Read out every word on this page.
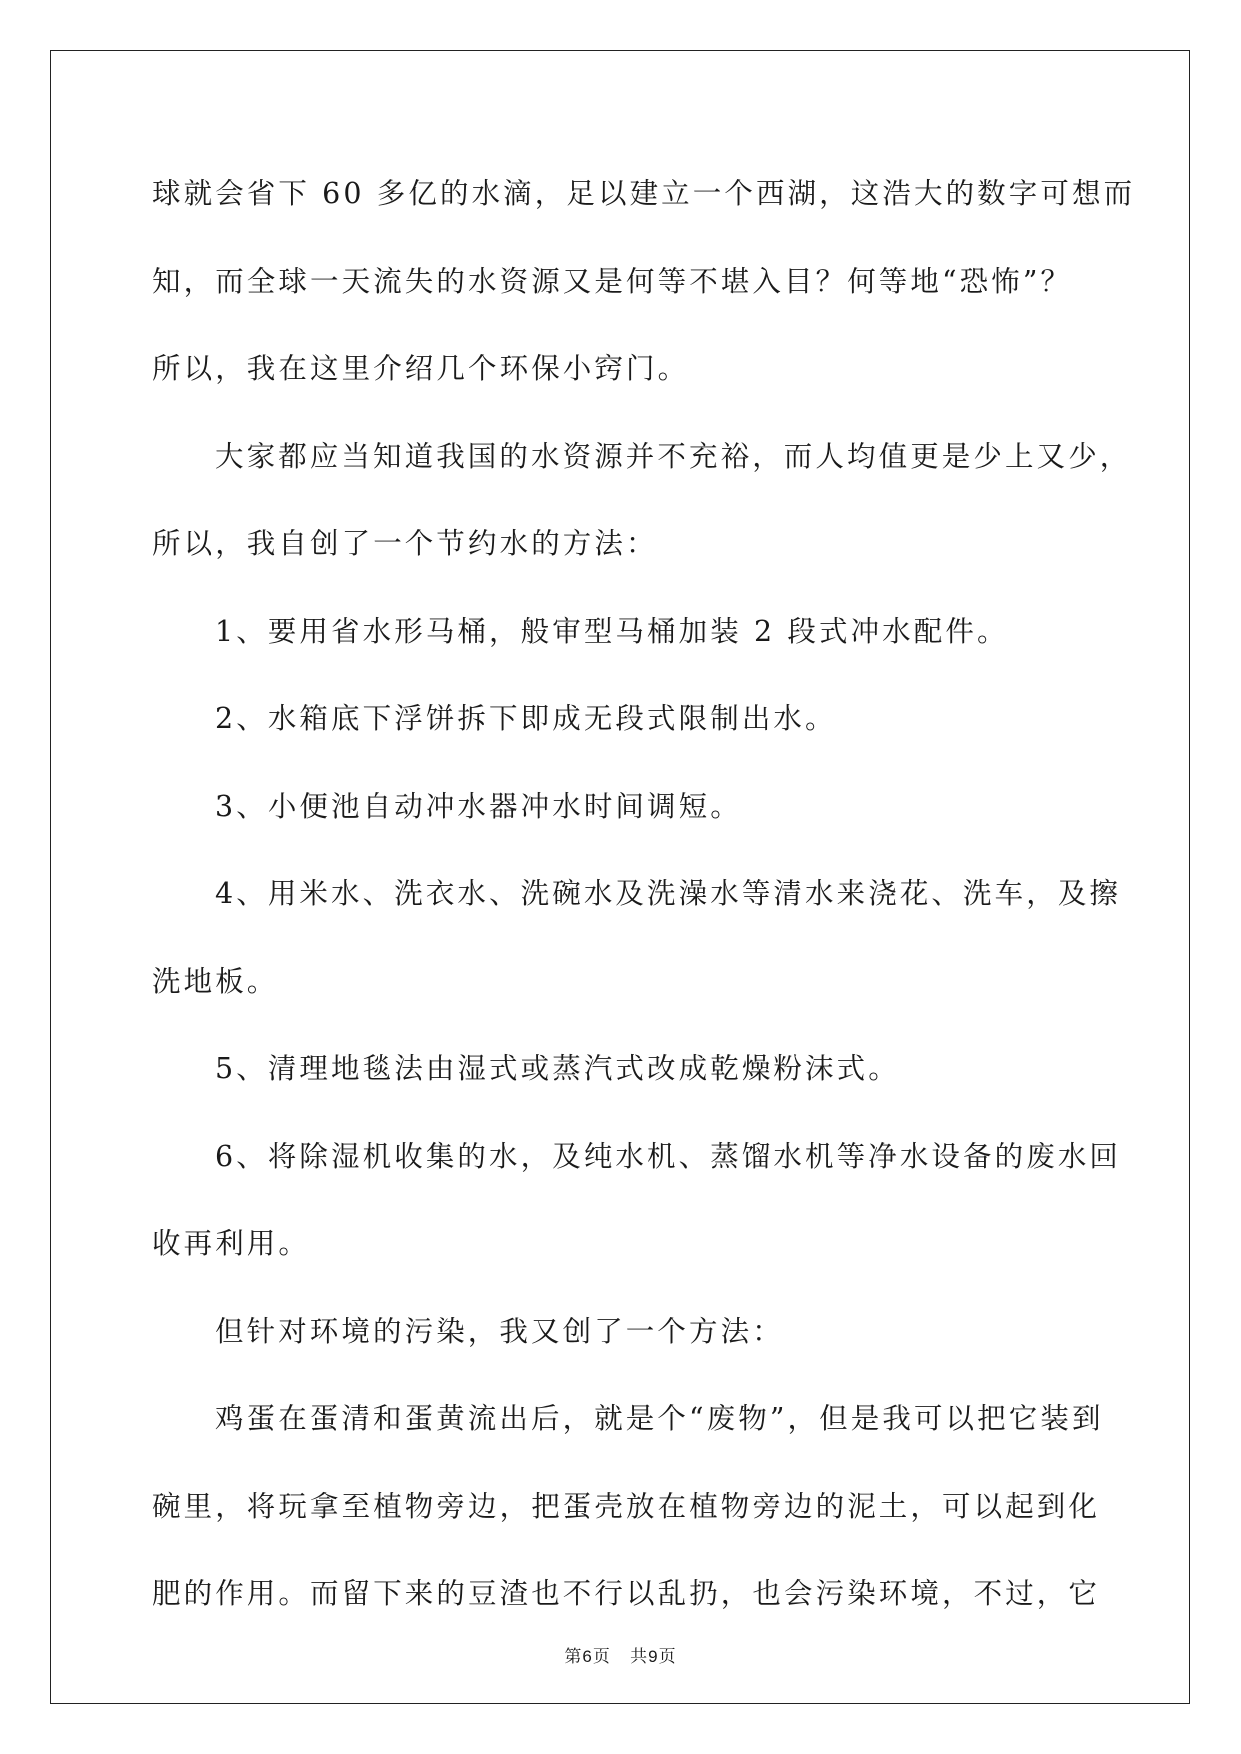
球就会省下 60 多亿的水滴，足以建立一个西湖，这浩大的数字可想而
知，而全球一天流失的水资源又是何等不堪入目？何等地“恐怖”？
所以，我在这里介绍几个环保小窍门。
大家都应当知道我国的水资源并不充裕，而人均值更是少上又少，
所以，我自创了一个节约水的方法：
1、要用省水形马桶，般审型马桶加装 2 段式冲水配件。
2、水箱底下浮饼拆下即成无段式限制出水。
3、小便池自动冲水器冲水时间调短。
4、用米水、洗衣水、洗碗水及洗澡水等清水来浇花、洗车，及擦
洗地板。
5、清理地毯法由湿式或蒸汽式改成乾燥粉沫式。
6、将除湿机收集的水，及纯水机、蒸馏水机等净水设备的废水回
收再利用。
但针对环境的污染，我又创了一个方法：
鸡蛋在蛋清和蛋黄流出后，就是个“废物”，但是我可以把它装到
碗里，将玩拿至植物旁边，把蛋壳放在植物旁边的泥土，可以起到化
肥的作用。而留下来的豆渣也不行以乱扔，也会污染环境，不过，它

第6页 共9页
